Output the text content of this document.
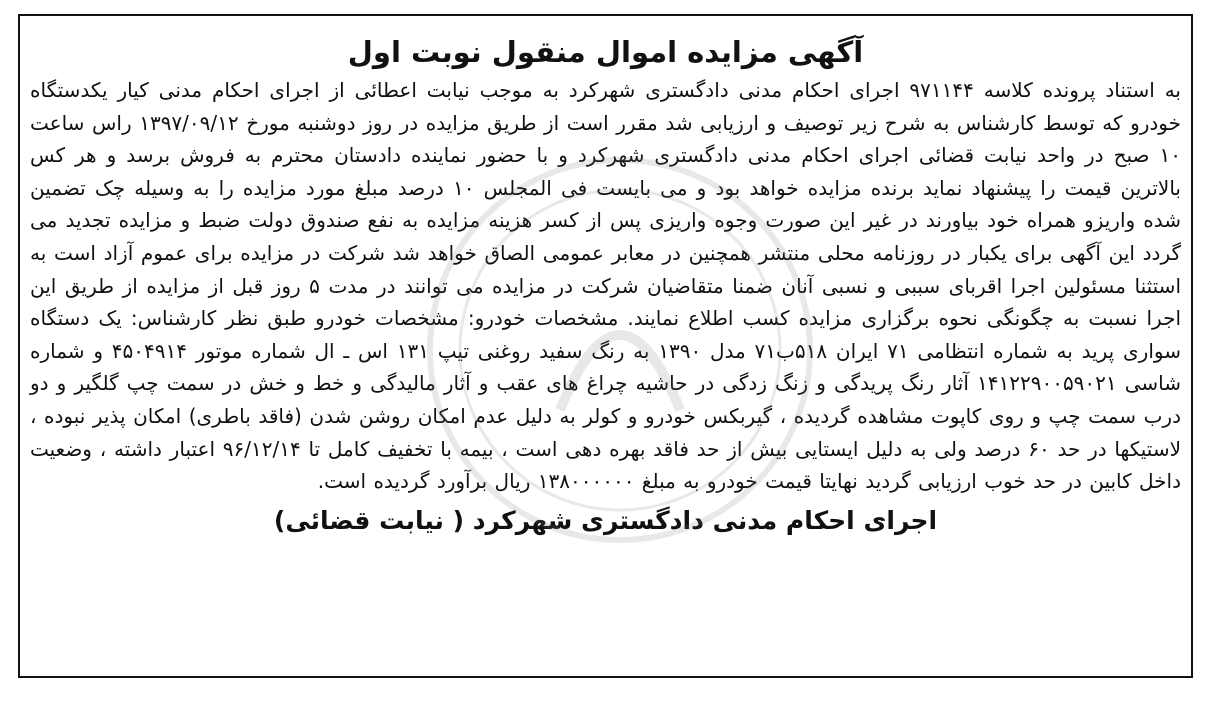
آگهی مزایده اموال منقول نوبت اول

به استناد پرونده کلاسه ۹۷۱۱۴۴ اجرای احکام مدنی دادگستری شهرکرد به موجب نیابت اعطائی از اجرای احکام مدنی کیار یکدستگاه خودرو که توسط کارشناس به شرح زیر توصیف و ارزیابی شد مقرر است از طریق مزایده در روز دوشنبه مورخ ۱۳۹۷/۰۹/۱۲ راس ساعت ۱۰ صبح در واحد نیابت قضائی اجرای احکام مدنی دادگستری شهرکرد و با حضور نماینده دادستان محترم به فروش برسد و هر کس بالاترین قیمت را پیشنهاد نماید برنده مزایده خواهد بود و می بایست فی المجلس ۱۰ درصد مبلغ مورد مزایده را به وسیله چک تضمین شده واریزو همراه خود بیاورند در غیر این صورت وجوه واریزی پس از کسر هزینه مزایده به نفع صندوق دولت ضبط و مزایده تجدید می گردد این آگهی برای یکبار در روزنامه محلی منتشر همچنین در معابر عمومی الصاق خواهد شد شرکت در مزایده برای عموم آزاد است به استثنا مسئولین اجرا اقربای سببی و نسبی آنان ضمنا متقاضیان شرکت در مزایده می توانند در مدت ۵ روز قبل از مزایده از طریق این اجرا نسبت به چگونگی نحوه برگزاری مزایده کسب اطلاع نمایند. مشخصات خودرو: مشخصات خودرو طبق نظر کارشناس: یک دستگاه سواری پرید به شماره انتظامی ۷۱ ایران ۵۱۸ب۷۱ مدل ۱۳۹۰ به رنگ سفید روغنی تیپ ۱۳۱ اس ـ ال شماره موتور ۴۵۰۴۹۱۴ و شماره شاسی ۱۴۱۲۲۹۰۰۵۹۰۲۱ آثار رنگ پریدگی و زنگ زدگی در حاشیه چراغ های عقب و آثار مالیدگی و خط و خش در سمت چپ گلگیر و دو درب سمت چپ و روی کاپوت مشاهده گردیده ، گیربکس خودرو و کولر به دلیل عدم امکان روشن شدن (فاقد باطری) امکان پذیر نبوده ، لاستیکها در حد ۶۰ درصد ولی به دلیل ایستایی بیش از حد فاقد بهره دهی است ، بیمه با تخفیف کامل تا ۹۶/۱۲/۱۴ اعتبار داشته ، وضعیت داخل کابین در حد خوب ارزیابی گردید نهایتا قیمت خودرو به مبلغ ۱۳۸۰۰۰۰۰۰ ریال برآورد گردیده است.

اجرای احکام مدنی دادگستری شهرکرد ( نیابت قضائی)
